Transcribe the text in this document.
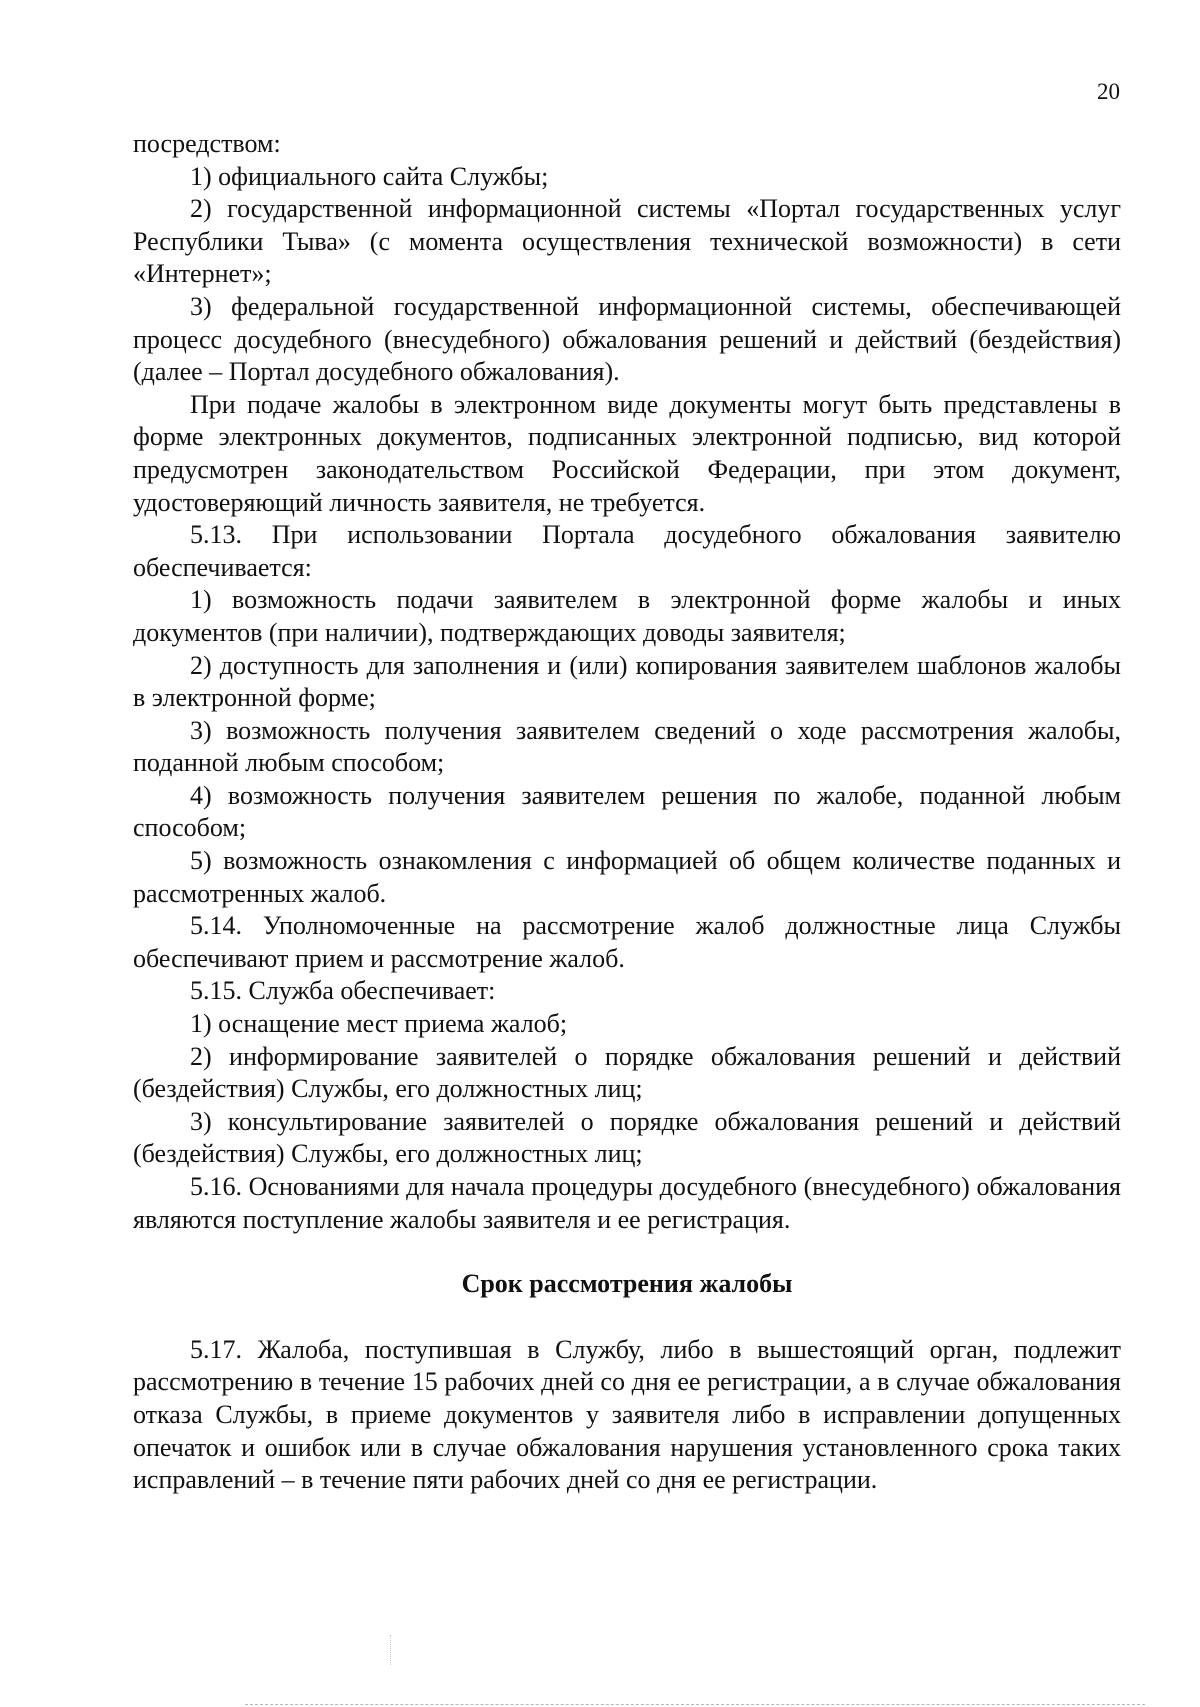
20

посредством:

1) официального сайта Службы;

2) государственной информационной системы «Портал государственных услуг Республики Тыва» (с момента осуществления технической возможности) в сети «Интернет»;

3) федеральной государственной информационной системы, обеспечивающей процесс досудебного (внесудебного) обжалования решений и действий (бездействия) (далее – Портал досудебного обжалования).

При подаче жалобы в электронном виде документы могут быть представлены в форме электронных документов, подписанных электронной подписью, вид которой предусмотрен законодательством Российской Федерации, при этом документ, удостоверяющий личность заявителя, не требуется.

5.13. При использовании Портала досудебного обжалования заявителю обеспечивается:

1) возможность подачи заявителем в электронной форме жалобы и иных документов (при наличии), подтверждающих доводы заявителя;

2) доступность для заполнения и (или) копирования заявителем шаблонов жалобы в электронной форме;

3) возможность получения заявителем сведений о ходе рассмотрения жалобы, поданной любым способом;

4) возможность получения заявителем решения по жалобе, поданной любым способом;

5) возможность ознакомления с информацией об общем количестве поданных и рассмотренных жалоб.

5.14. Уполномоченные на рассмотрение жалоб должностные лица Службы обеспечивают прием и рассмотрение жалоб.

5.15. Служба обеспечивает:

1) оснащение мест приема жалоб;

2) информирование заявителей о порядке обжалования решений и действий (бездействия) Службы, его должностных лиц;

3) консультирование заявителей о порядке обжалования решений и действий (бездействия) Службы, его должностных лиц;

5.16. Основаниями для начала процедуры досудебного (внесудебного) обжалования являются поступление жалобы заявителя и ее регистрация.

Срок рассмотрения жалобы

5.17. Жалоба, поступившая в Службу, либо в вышестоящий орган, подлежит рассмотрению в течение 15 рабочих дней со дня ее регистрации, а в случае обжалования отказа Службы, в приеме документов у заявителя либо в исправлении допущенных опечаток и ошибок или в случае обжалования нарушения установленного срока таких исправлений – в течение пяти рабочих дней со дня ее регистрации.
